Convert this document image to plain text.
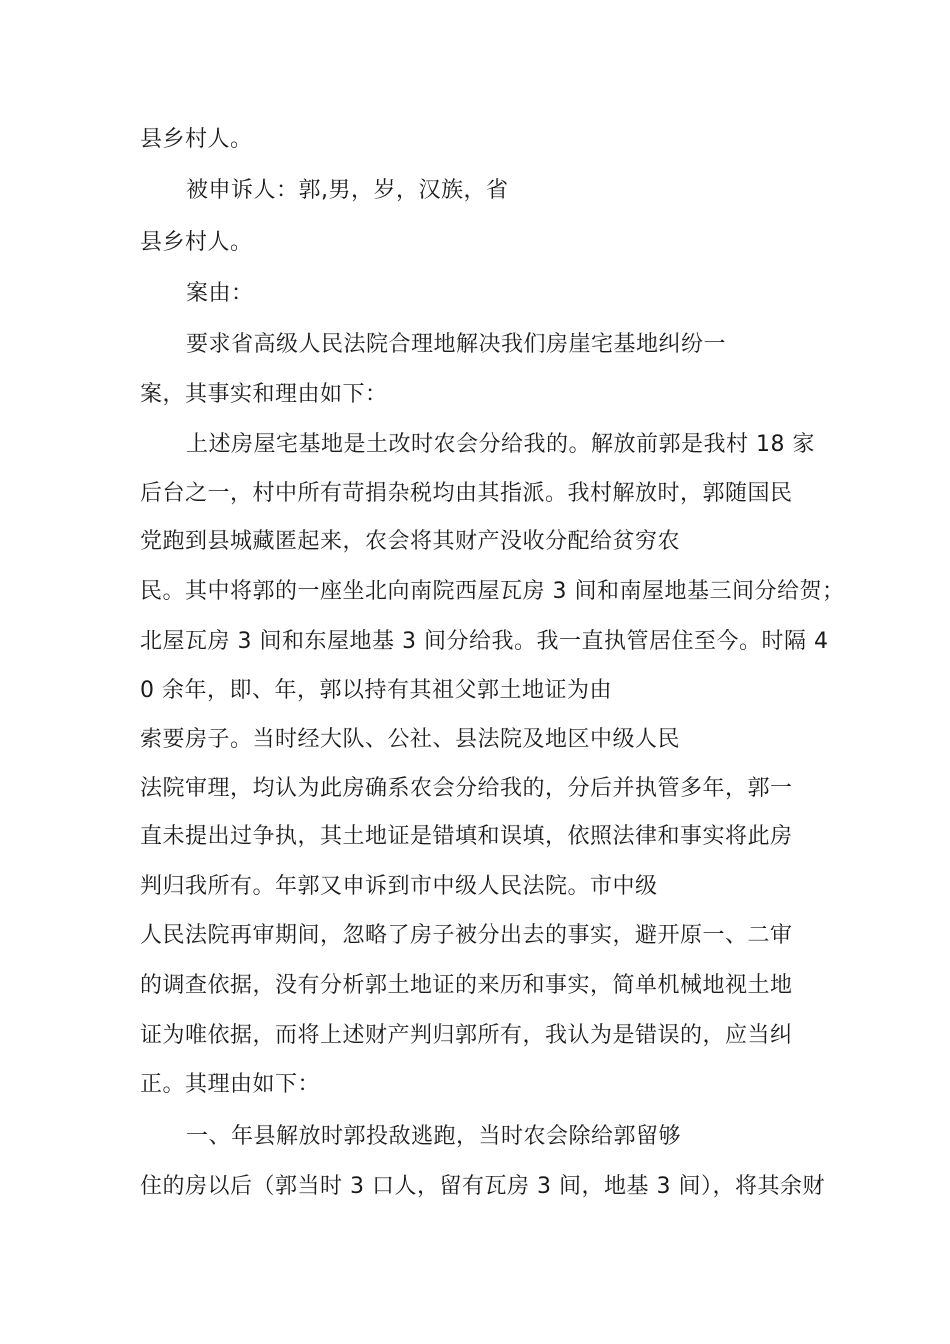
县乡村人。
被申诉人：郭,男，岁，汉族，省
县乡村人。
案由：
要求省高级人民法院合理地解决我们房崖宅基地纠纷一
案，其事实和理由如下：
上述房屋宅基地是土改时农会分给我的。解放前郭是我村 18 家
后台之一，村中所有苛捐杂税均由其指派。我村解放时，郭随国民
党跑到县城藏匿起来，农会将其财产没收分配给贫穷农
民。其中将郭的一座坐北向南院西屋瓦房 3 间和南屋地基三间分给贺；
北屋瓦房 3 间和东屋地基 3 间分给我。我一直执管居住至今。时隔 4
0 余年，即、年，郭以持有其祖父郭土地证为由
索要房子。当时经大队、公社、县法院及地区中级人民
法院审理，均认为此房确系农会分给我的，分后并执管多年，郭一
直未提出过争执，其土地证是错填和误填，依照法律和事实将此房
判归我所有。年郭又申诉到市中级人民法院。市中级
人民法院再审期间，忽略了房子被分出去的事实，避开原一、二审
的调查依据，没有分析郭土地证的来历和事实，简单机械地视土地
证为唯依据，而将上述财产判归郭所有，我认为是错误的，应当纠
正。其理由如下：
一、年县解放时郭投敌逃跑，当时农会除给郭留够
住的房以后（郭当时 3 口人，留有瓦房 3 间，地基 3 间），将其余财
